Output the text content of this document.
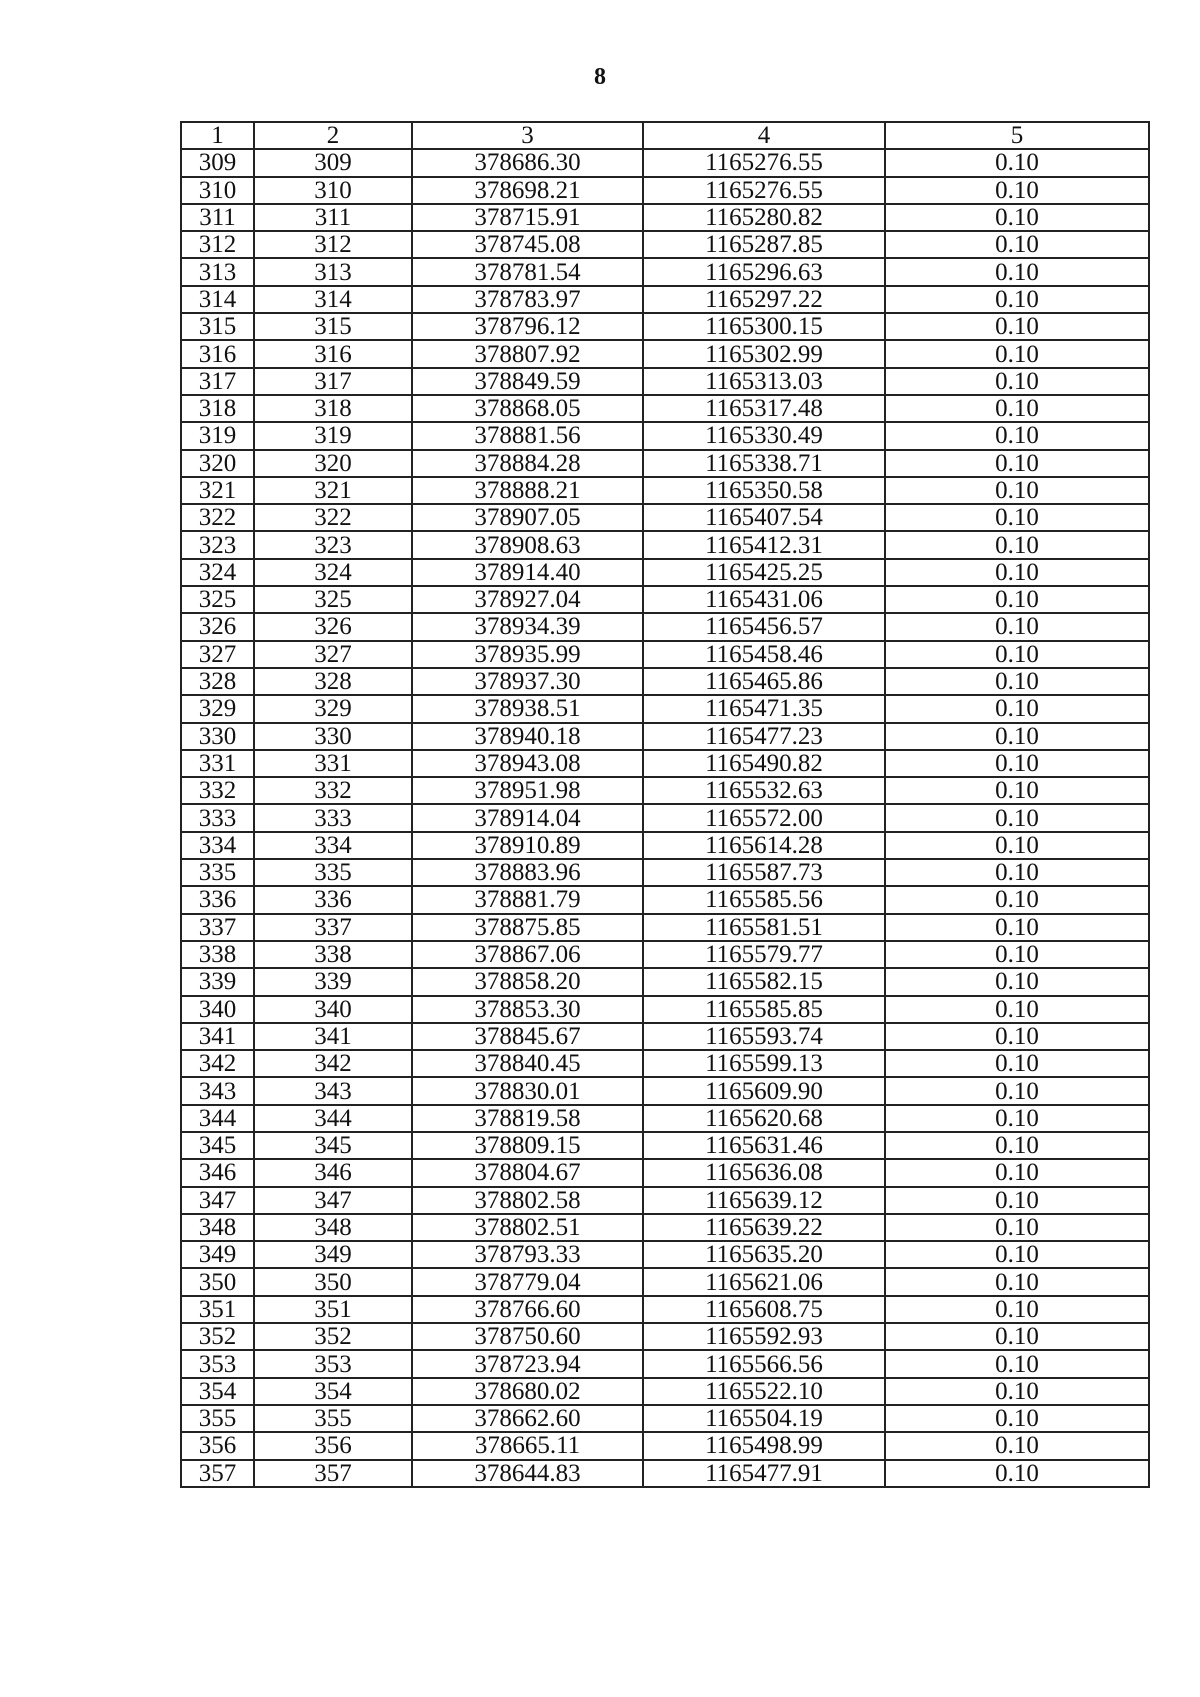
8
1	2	3	4	5
309	309	378686.30	1165276.55	0.10
310	310	378698.21	1165276.55	0.10
311	311	378715.91	1165280.82	0.10
312	312	378745.08	1165287.85	0.10
313	313	378781.54	1165296.63	0.10
314	314	378783.97	1165297.22	0.10
315	315	378796.12	1165300.15	0.10
316	316	378807.92	1165302.99	0.10
317	317	378849.59	1165313.03	0.10
318	318	378868.05	1165317.48	0.10
319	319	378881.56	1165330.49	0.10
320	320	378884.28	1165338.71	0.10
321	321	378888.21	1165350.58	0.10
322	322	378907.05	1165407.54	0.10
323	323	378908.63	1165412.31	0.10
324	324	378914.40	1165425.25	0.10
325	325	378927.04	1165431.06	0.10
326	326	378934.39	1165456.57	0.10
327	327	378935.99	1165458.46	0.10
328	328	378937.30	1165465.86	0.10
329	329	378938.51	1165471.35	0.10
330	330	378940.18	1165477.23	0.10
331	331	378943.08	1165490.82	0.10
332	332	378951.98	1165532.63	0.10
333	333	378914.04	1165572.00	0.10
334	334	378910.89	1165614.28	0.10
335	335	378883.96	1165587.73	0.10
336	336	378881.79	1165585.56	0.10
337	337	378875.85	1165581.51	0.10
338	338	378867.06	1165579.77	0.10
339	339	378858.20	1165582.15	0.10
340	340	378853.30	1165585.85	0.10
341	341	378845.67	1165593.74	0.10
342	342	378840.45	1165599.13	0.10
343	343	378830.01	1165609.90	0.10
344	344	378819.58	1165620.68	0.10
345	345	378809.15	1165631.46	0.10
346	346	378804.67	1165636.08	0.10
347	347	378802.58	1165639.12	0.10
348	348	378802.51	1165639.22	0.10
349	349	378793.33	1165635.20	0.10
350	350	378779.04	1165621.06	0.10
351	351	378766.60	1165608.75	0.10
352	352	378750.60	1165592.93	0.10
353	353	378723.94	1165566.56	0.10
354	354	378680.02	1165522.10	0.10
355	355	378662.60	1165504.19	0.10
356	356	378665.11	1165498.99	0.10
357	357	378644.83	1165477.91	0.10
